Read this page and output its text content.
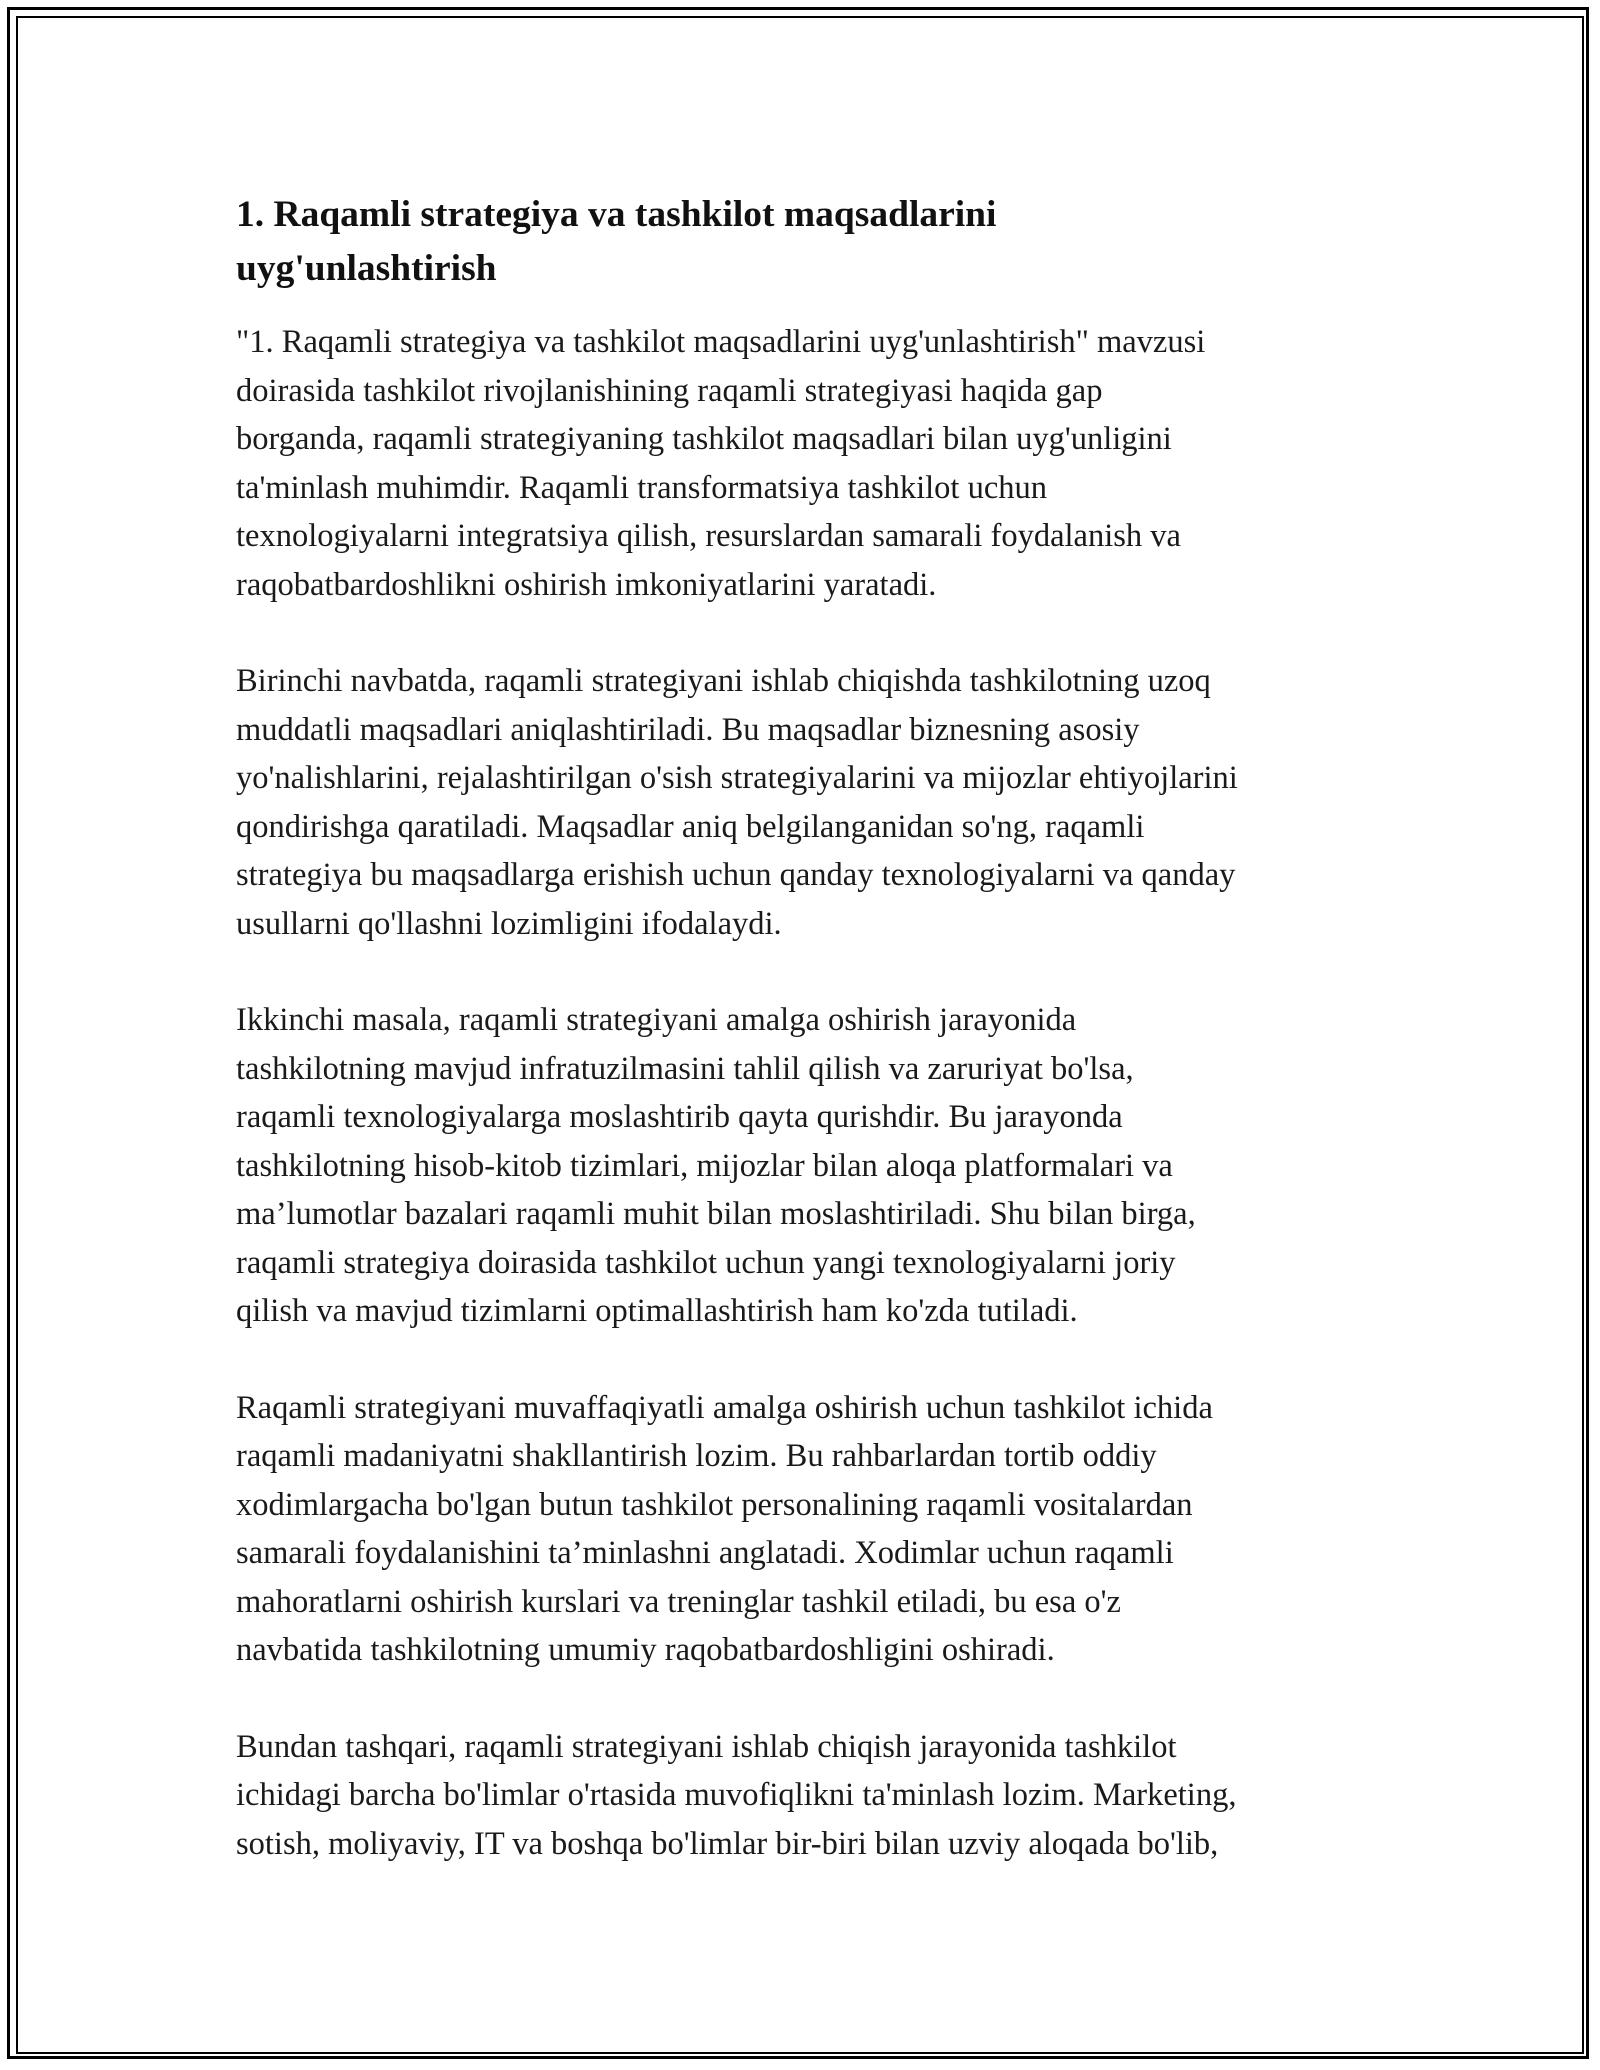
1. Raqamli strategiya va tashkilot maqsadlarini
uyg'unlashtirish

"1. Raqamli strategiya va tashkilot maqsadlarini uyg'unlashtirish" mavzusi
doirasida tashkilot rivojlanishining raqamli strategiyasi haqida gap
borganda, raqamli strategiyaning tashkilot maqsadlari bilan uyg'unligini
ta'minlash muhimdir. Raqamli transformatsiya tashkilot uchun
texnologiyalarni integratsiya qilish, resurslardan samarali foydalanish va
raqobatbardoshlikni oshirish imkoniyatlarini yaratadi.

Birinchi navbatda, raqamli strategiyani ishlab chiqishda tashkilotning uzoq
muddatli maqsadlari aniqlashtiriladi. Bu maqsadlar biznesning asosiy
yo'nalishlarini, rejalashtirilgan o'sish strategiyalarini va mijozlar ehtiyojlarini
qondirishga qaratiladi. Maqsadlar aniq belgilanganidan so'ng, raqamli
strategiya bu maqsadlarga erishish uchun qanday texnologiyalarni va qanday
usullarni qo'llashni lozimligini ifodalaydi.

Ikkinchi masala, raqamli strategiyani amalga oshirish jarayonida
tashkilotning mavjud infratuzilmasini tahlil qilish va zaruriyat bo'lsa,
raqamli texnologiyalarga moslashtirib qayta qurishdir. Bu jarayonda
tashkilotning hisob-kitob tizimlari, mijozlar bilan aloqa platformalari va
ma’lumotlar bazalari raqamli muhit bilan moslashtiriladi. Shu bilan birga,
raqamli strategiya doirasida tashkilot uchun yangi texnologiyalarni joriy
qilish va mavjud tizimlarni optimallashtirish ham ko'zda tutiladi.

Raqamli strategiyani muvaffaqiyatli amalga oshirish uchun tashkilot ichida
raqamli madaniyatni shakllantirish lozim. Bu rahbarlardan tortib oddiy
xodimlargacha bo'lgan butun tashkilot personalining raqamli vositalardan
samarali foydalanishini ta’minlashni anglatadi. Xodimlar uchun raqamli
mahoratlarni oshirish kurslari va treninglar tashkil etiladi, bu esa o'z
navbatida tashkilotning umumiy raqobatbardoshligini oshiradi.

Bundan tashqari, raqamli strategiyani ishlab chiqish jarayonida tashkilot
ichidagi barcha bo'limlar o'rtasida muvofiqlikni ta'minlash lozim. Marketing,
sotish, moliyaviy, IT va boshqa bo'limlar bir-biri bilan uzviy aloqada bo'lib,
